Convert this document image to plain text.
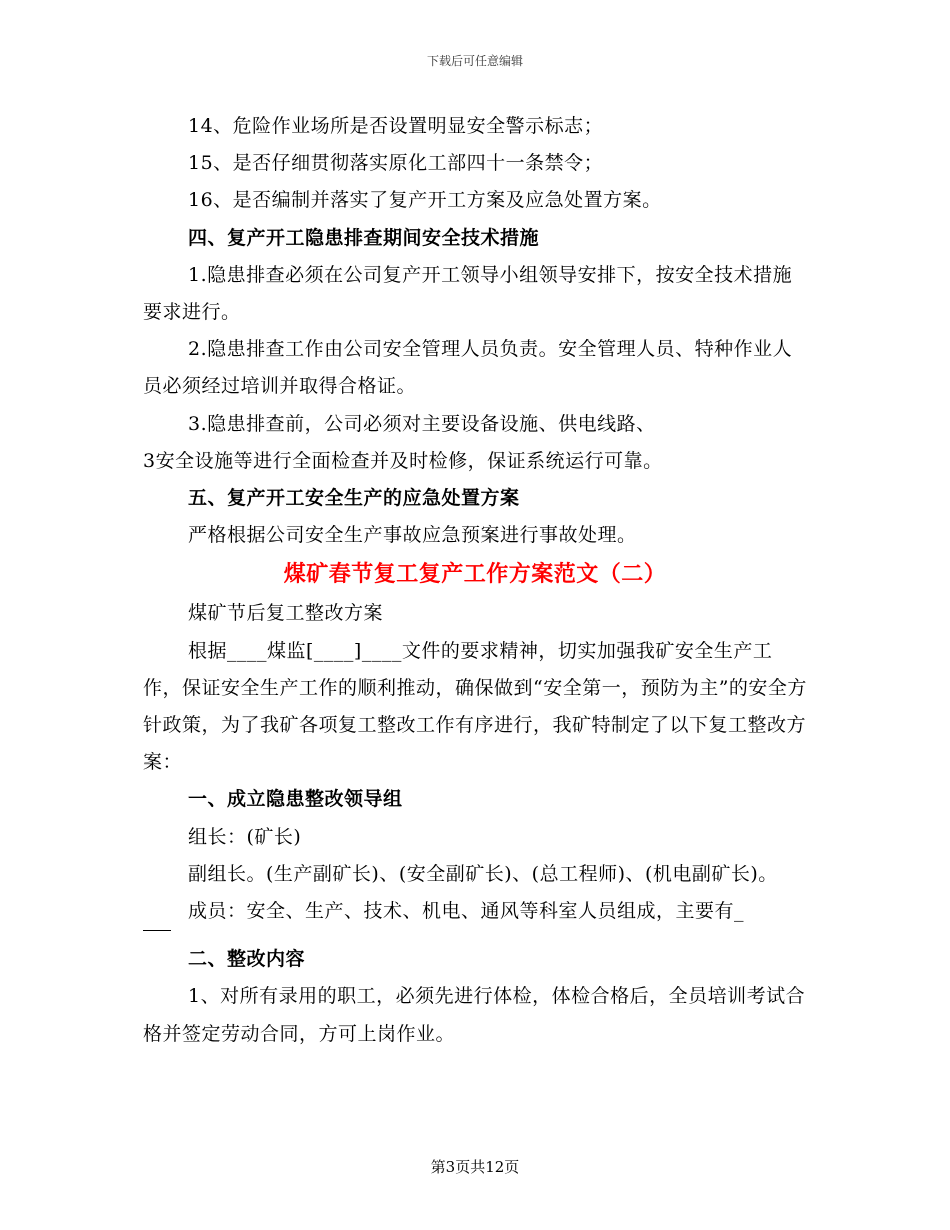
下载后可任意编辑

14、危险作业场所是否设置明显安全警示标志；

15、是否仔细贯彻落实原化工部四十一条禁令；

16、是否编制并落实了复产开工方案及应急处置方案。

四、复产开工隐患排查期间安全技术措施

1.隐患排查必须在公司复产开工领导小组领导安排下，按安全技术措施要求进行。

2.隐患排查工作由公司安全管理人员负责。安全管理人员、特种作业人员必须经过培训并取得合格证。

3.隐患排查前，公司必须对主要设备设施、供电线路、

3安全设施等进行全面检查并及时检修，保证系统运行可靠。

五、复产开工安全生产的应急处置方案

严格根据公司安全生产事故应急预案进行事故处理。

煤矿春节复工复产工作方案范文（二）

煤矿节后复工整改方案

根据____煤监[____]____文件的要求精神，切实加强我矿安全生产工作，保证安全生产工作的顺利推动，确保做到“安全第一，预防为主”的安全方针政策，为了我矿各项复工整改工作有序进行，我矿特制定了以下复工整改方案：

一、成立隐患整改领导组

组长：(矿长)

副组长。(生产副矿长)、(安全副矿长)、(总工程师)、(机电副矿长)。

成员：安全、生产、技术、机电、通风等科室人员组成，主要有_

二、整改内容

1、对所有录用的职工，必须先进行体检，体检合格后，全员培训考试合格并签定劳动合同，方可上岗作业。

第3页共12页
